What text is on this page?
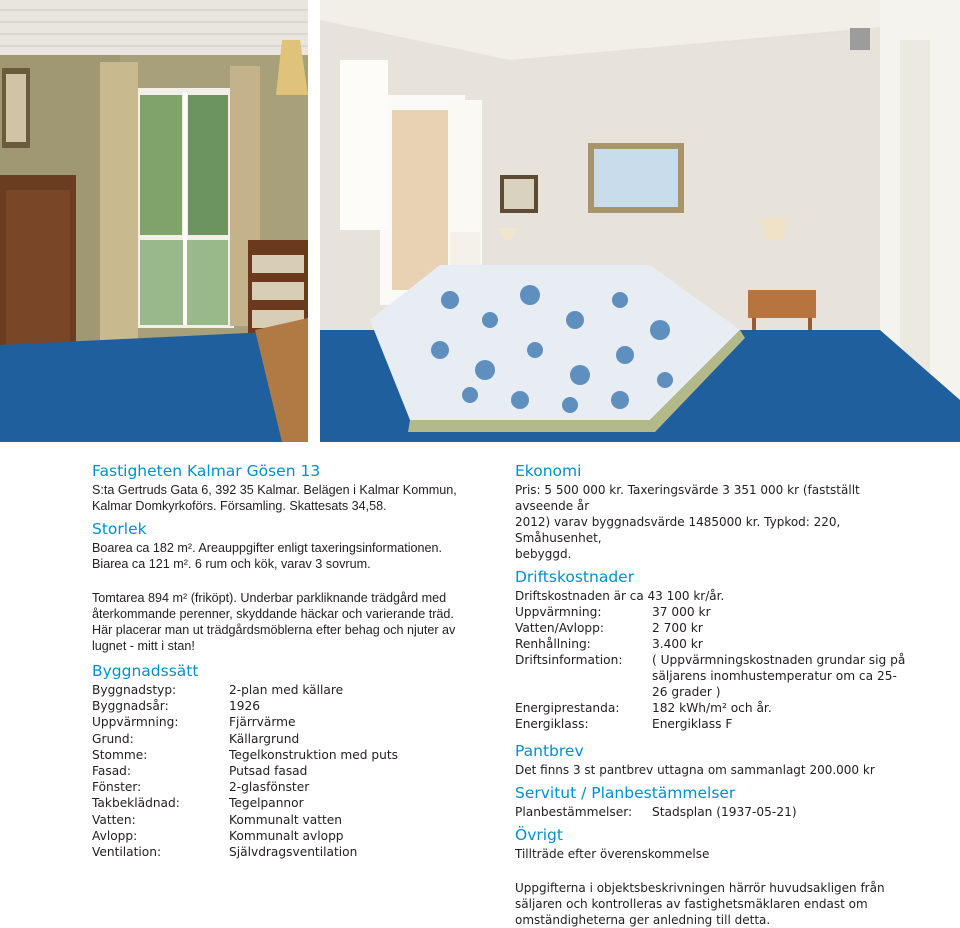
Fastigheten Kalmar Gösen 13

S:ta Gertruds Gata 6, 392 35 Kalmar. Belägen i Kalmar Kommun,

Kalmar Domkyrkoförs. Församling. Skattesats 34,58.

Storlek

Boarea ca 182 m². Areauppgifter enligt taxeringsinformationen.

Biarea ca 121 m². 6 rum och kök, varav 3 sovrum.

Tomtarea 894 m² (friköpt). Underbar parkliknande trädgård med

återkommande perenner, skyddande häckar och varierande träd.

Här placerar man ut trädgårdsmöblerna efter behag och njuter av

lugnet - mitt i stan!

Byggnadssätt
Byggnadstyp:	2-plan med källare
Byggnadsår:	1926
Uppvärmning:	Fjärrvärme
Grund:	Källargrund
Stomme:	Tegelkonstruktion med puts
Fasad:	Putsad fasad
Fönster:	2-glasfönster
Takbeklädnad:	Tegelpannor
Vatten:	Kommunalt vatten
Avlopp:	Kommunalt avlopp
Ventilation:	Självdragsventilation
Ekonomi

Pris: 5 500 000 kr. Taxeringsvärde 3 351 000 kr (fastställt avseende år

2012) varav byggnadsvärde 1485000 kr. Typkod: 220, Småhusenhet,

bebyggd.

Driftskostnader

Driftskostnaden är ca 43 100 kr/år.

Uppvärmning:	37 000 kr
Vatten/Avlopp:	2 700 kr
Renhållning:	3.400 kr
Driftsinformation:	( Uppvärmningskostnaden grundar sig på säljarens inomhustemperatur om ca 25-26 grader )
Energiprestanda:	182 kWh/m² och år.
Energiklass:	Energiklass F
Pantbrev

Det finns 3 st pantbrev uttagna om sammanlagt 200.000 kr

Servitut / Planbestämmelser
Planbestämmelser:	Stadsplan (1937-05-21)
Övrigt

Tillträde efter överenskommelse

Uppgifterna i objektsbeskrivningen härrör huvudsakligen från

säljaren och kontrolleras av fastighetsmäklaren endast om

omständigheterna ger anledning till detta.
